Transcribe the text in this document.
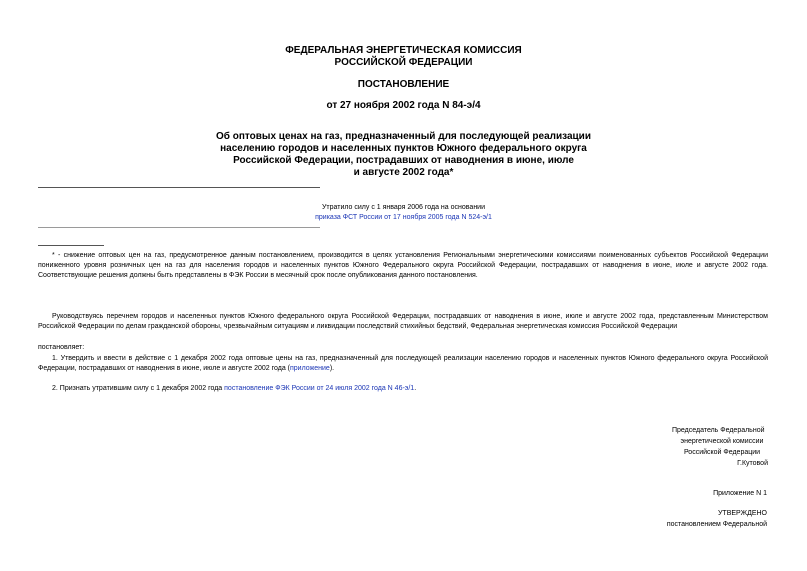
ФЕДЕРАЛЬНАЯ ЭНЕРГЕТИЧЕСКАЯ КОМИССИЯ
РОССИЙСКОЙ ФЕДЕРАЦИИ
ПОСТАНОВЛЕНИЕ
от 27 ноября 2002 года N 84-э/4
Об оптовых ценах на газ, предназначенный для последующей реализации
населению городов и населенных пунктов Южного федерального округа
Российской Федерации, пострадавших от наводнения в июне, июле
и августе 2002 года*
Утратило силу с 1 января 2006 года на основании
приказа ФСТ России от 17 ноября 2005 года N 524-э/1
* - снижение оптовых цен на газ, предусмотренное данным постановлением, производится в целях установления Региональными энергетическими комиссиями поименованных субъектов Российской Федерации пониженного уровня розничных цен на газ для населения городов и населенных пунктов Южного Федерального округа Российской Федерации, пострадавших от наводнения в июне, июле и августе 2002 года. Соответствующие решения должны быть представлены в ФЭК России в месячный срок после опубликования данного постановления.
Руководствуясь перечнем городов и населенных пунктов Южного федерального округа Российской Федерации, пострадавших от наводнения в июне, июле и августе 2002 года, представленным Министерством Российской Федерации по делам гражданской обороны, чрезвычайным ситуациям и ликвидации последствий стихийных бедствий, Федеральная энергетическая комиссия Российской Федерации
постановляет:
1. Утвердить и ввести в действие с 1 декабря 2002 года оптовые цены на газ, предназначенный для последующей реализации населению городов и населенных пунктов Южного федерального округа Российской Федерации, пострадавших от наводнения в июне, июле и августе 2002 года (приложение).
2. Признать утратившим силу с 1 декабря 2002 года постановление ФЭК России от 24 июля 2002 года N 46-э/1.
Председатель Федеральной
энергетической комиссии
Российской Федерации
Г.Кутовой
Приложение N 1
УТВЕРЖДЕНО
постановлением Федеральной
